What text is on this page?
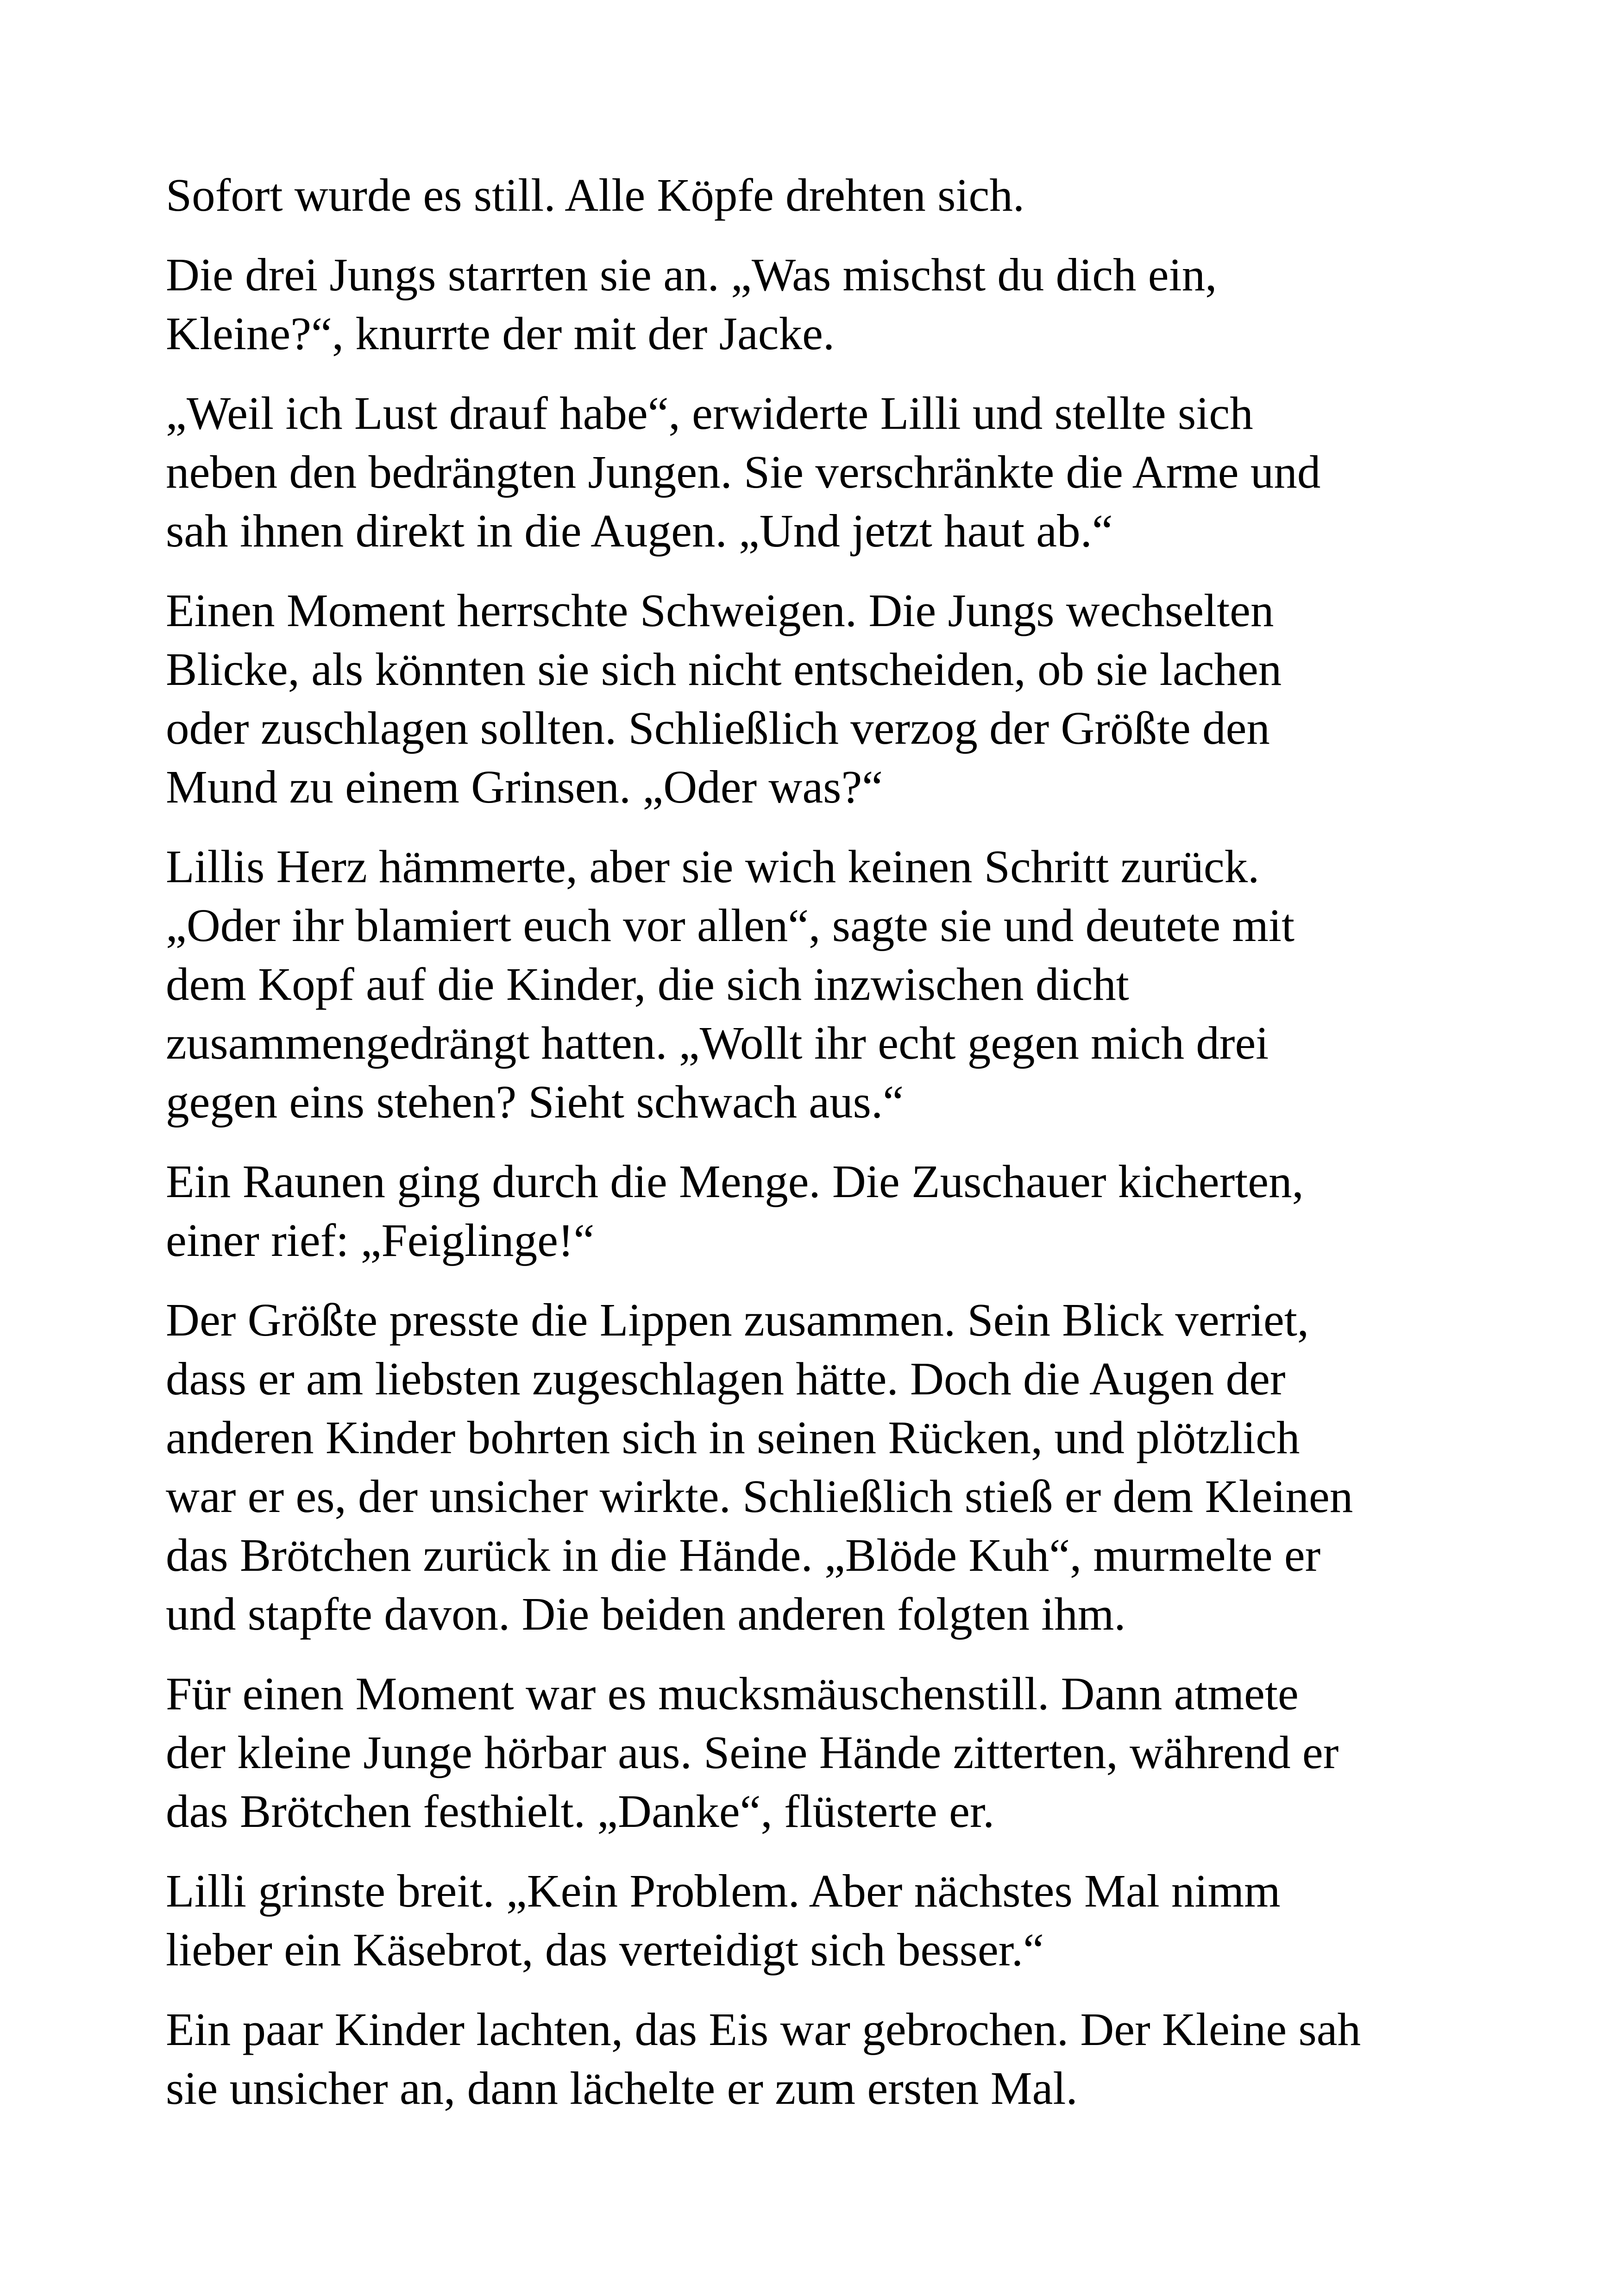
Sofort wurde es still. Alle Köpfe drehten sich.

Die drei Jungs starrten sie an. „Was mischst du dich ein,
Kleine?“, knurrte der mit der Jacke.

„Weil ich Lust drauf habe“, erwiderte Lilli und stellte sich
neben den bedrängten Jungen. Sie verschränkte die Arme und
sah ihnen direkt in die Augen. „Und jetzt haut ab.“

Einen Moment herrschte Schweigen. Die Jungs wechselten
Blicke, als könnten sie sich nicht entscheiden, ob sie lachen
oder zuschlagen sollten. Schließlich verzog der Größte den
Mund zu einem Grinsen. „Oder was?“

Lillis Herz hämmerte, aber sie wich keinen Schritt zurück.
„Oder ihr blamiert euch vor allen“, sagte sie und deutete mit
dem Kopf auf die Kinder, die sich inzwischen dicht
zusammengedrängt hatten. „Wollt ihr echt gegen mich drei
gegen eins stehen? Sieht schwach aus.“

Ein Raunen ging durch die Menge. Die Zuschauer kicherten,
einer rief: „Feiglinge!“

Der Größte presste die Lippen zusammen. Sein Blick verriet,
dass er am liebsten zugeschlagen hätte. Doch die Augen der
anderen Kinder bohrten sich in seinen Rücken, und plötzlich
war er es, der unsicher wirkte. Schließlich stieß er dem Kleinen
das Brötchen zurück in die Hände. „Blöde Kuh“, murmelte er
und stapfte davon. Die beiden anderen folgten ihm.

Für einen Moment war es mucksmäuschenstill. Dann atmete
der kleine Junge hörbar aus. Seine Hände zitterten, während er
das Brötchen festhielt. „Danke“, flüsterte er.

Lilli grinste breit. „Kein Problem. Aber nächstes Mal nimm
lieber ein Käsebrot, das verteidigt sich besser.“

Ein paar Kinder lachten, das Eis war gebrochen. Der Kleine sah
sie unsicher an, dann lächelte er zum ersten Mal.
